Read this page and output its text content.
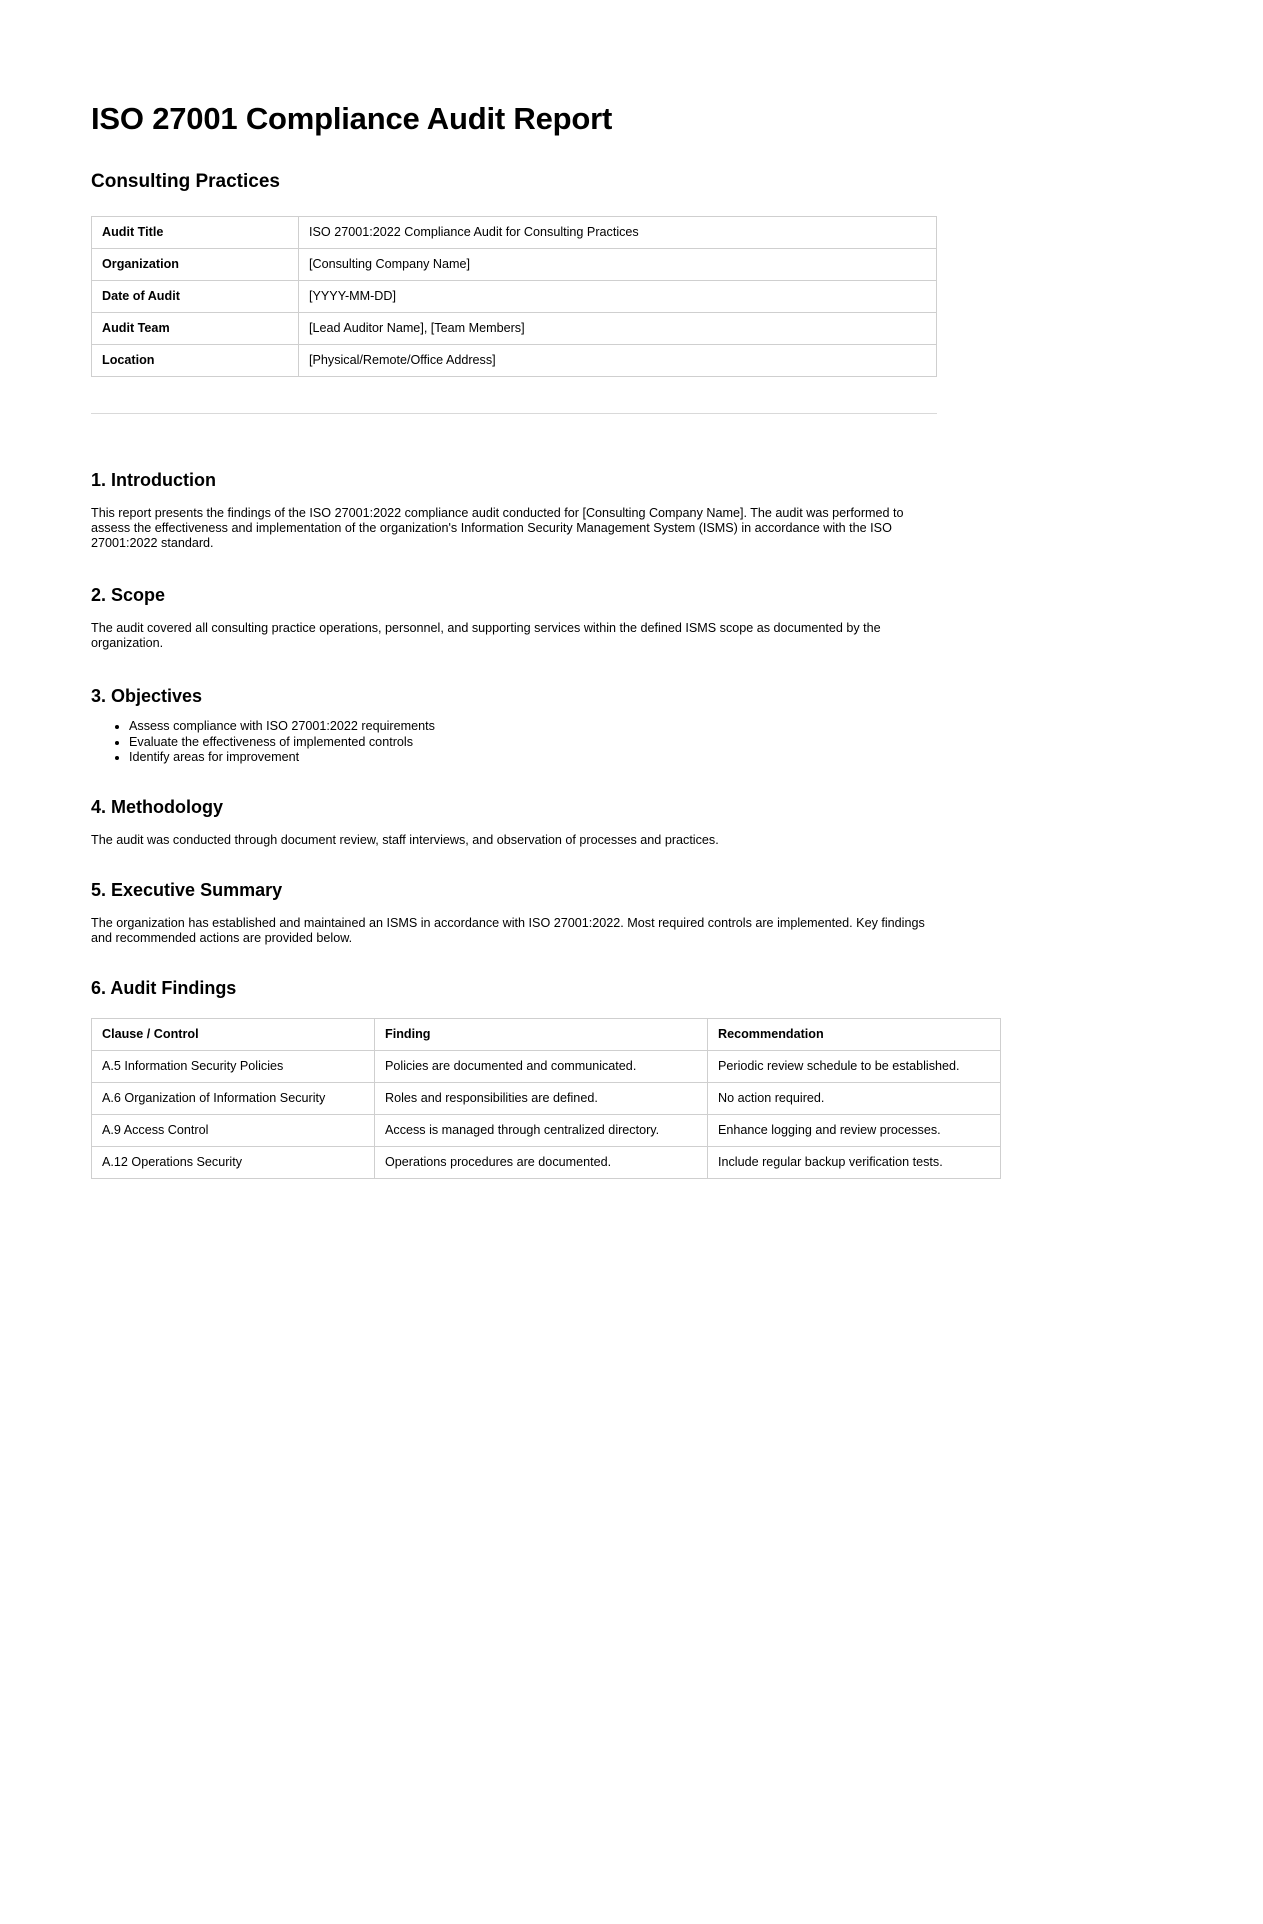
ISO 27001 Compliance Audit Report
Consulting Practices
Audit Title	ISO 27001:2022 Compliance Audit for Consulting Practices
Organization	[Consulting Company Name]
Date of Audit	[YYYY-MM-DD]
Audit Team	[Lead Auditor Name], [Team Members]
Location	[Physical/Remote/Office Address]
1. Introduction

This report presents the findings of the ISO 27001:2022 compliance audit conducted for [Consulting Company Name]. The audit was performed to assess the effectiveness and implementation of the organization's Information Security Management System (ISMS) in accordance with the ISO 27001:2022 standard.

2. Scope

The audit covered all consulting practice operations, personnel, and supporting services within the defined ISMS scope as documented by the organization.

3. Objectives
• Assess compliance with ISO 27001:2022 requirements
• Evaluate the effectiveness of implemented controls
• Identify areas for improvement
4. Methodology

The audit was conducted through document review, staff interviews, and observation of processes and practices.

5. Executive Summary

The organization has established and maintained an ISMS in accordance with ISO 27001:2022. Most required controls are implemented. Key findings and recommended actions are provided below.

6. Audit Findings
Clause / Control	Finding	Recommendation
A.5 Information Security Policies	Policies are documented and communicated.	Periodic review schedule to be established.
A.6 Organization of Information Security	Roles and responsibilities are defined.	No action required.
A.9 Access Control	Access is managed through centralized directory.	Enhance logging and review processes.
A.12 Operations Security	Operations procedures are documented.	Include regular backup verification tests.
